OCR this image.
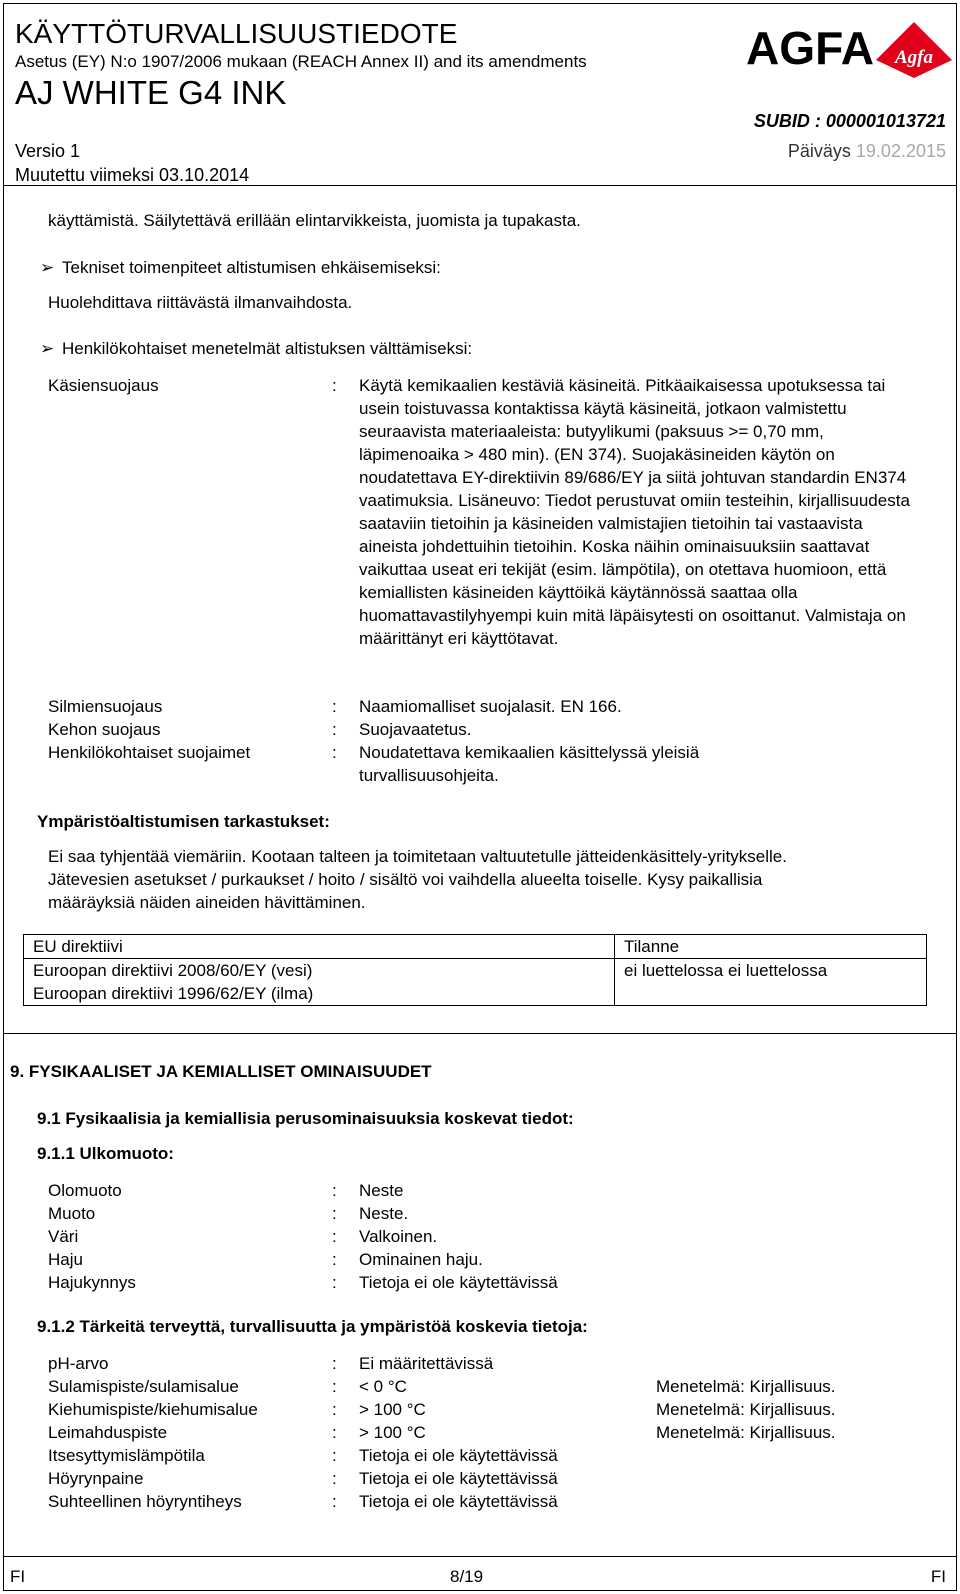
KÄYTTÖTURVALLISUUSTIEDOTE
Asetus (EY) N:o 1907/2006 mukaan (REACH Annex II) and its amendments
AJ WHITE G4 INK
AGFA Agfa
SUBID : 000001013721
Versio 1	Päiväys 19.02.2015
Muutettu viimeksi 03.10.2014
käyttämistä. Säilytettävä erillään elintarvikkeista, juomista ja tupakasta.
➢ Tekniset toimenpiteet altistumisen ehkäisemiseksi:
Huolehdittava riittävästä ilmanvaihdosta.
➢ Henkilökohtaiset menetelmät altistuksen välttämiseksi:
Käsiensuojaus	: Käytä kemikaalien kestäviä käsineitä. Pitkäaikaisessa upotuksessa tai usein toistuvassa kontaktissa käytä käsineitä, jotkaon valmistettu seuraavista materiaaleista: butyylikumi (paksuus >= 0,70 mm, läpimenoaika > 480 min). (EN 374). Suojakäsineiden käytön on noudatettava EY-direktiivin 89/686/EY ja siitä johtuvan standardin EN374 vaatimuksia. Lisäneuvo: Tiedot perustuvat omiin testeihin, kirjallisuudesta saataviin tietoihin ja käsineiden valmistajien tietoihin tai vastaavista aineista johdettuihin tietoihin. Koska näihin ominaisuuksiin saattavat vaikuttaa useat eri tekijät (esim. lämpötila), on otettava huomioon, että kemiallisten käsineiden käyttöikä käytännössä saattaa olla huomattavastilyhyempi kuin mitä läpäisytesti on osoittanut. Valmistaja on määrittänyt eri käyttötavat.
Silmiensuojaus	: Naamiomalliset suojalasit. EN 166.
Kehon suojaus	: Suojavaatetus.
Henkilökohtaiset suojaimet	: Noudatettava kemikaalien käsittelyssä yleisiä turvallisuusohjeita.
Ympäristöaltistumisen tarkastukset:
Ei saa tyhjentää viemäriin. Kootaan talteen ja toimitetaan valtuutetulle jätteidenkäsittely-yritykselle.
Jätevesien asetukset / purkaukset / hoito / sisältö voi vaihdella alueelta toiselle. Kysy paikallisia
määräyksiä näiden aineiden hävittäminen.
EU direktiivi	Tilanne

Euroopan direktiivi 2008/60/EY (vesi)
Euroopan direktiivi 1996/62/EY (ilma)	ei luettelossa ei luettelossa
9. FYSIKAALISET JA KEMIALLISET OMINAISUUDET
9.1 Fysikaalisia ja kemiallisia perusominaisuuksia koskevat tiedot:
9.1.1 Ulkomuoto:
Olomuoto	: Neste
Muoto	: Neste.
Väri	: Valkoinen.
Haju	: Ominainen haju.
Hajukynnys	: Tietoja ei ole käytettävissä
9.1.2 Tärkeitä terveyttä, turvallisuutta ja ympäristöä koskevia tietoja:
pH-arvo	: Ei määritettävissä
Sulamispiste/sulamisalue	: < 0 °C	Menetelmä: Kirjallisuus.
Kiehumispiste/kiehumisalue	: > 100 °C	Menetelmä: Kirjallisuus.
Leimahduspiste	: > 100 °C	Menetelmä: Kirjallisuus.
Itsesyttymislämpötila	: Tietoja ei ole käytettävissä
Höyrynpaine	: Tietoja ei ole käytettävissä
Suhteellinen höyryntiheys	: Tietoja ei ole käytettävissä
FI	8/19	FI
